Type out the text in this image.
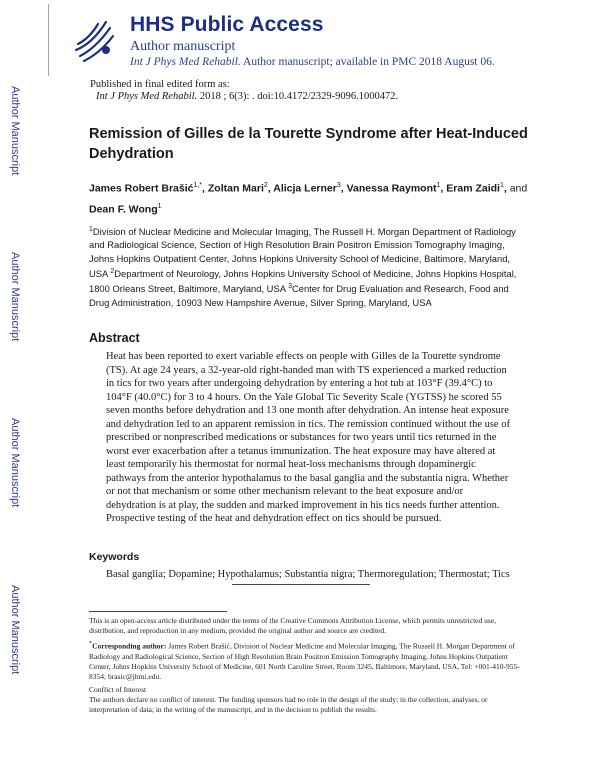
Author Manuscript
Author Manuscript
Author Manuscript
Author Manuscript
HHS Public Access
Author manuscript
Int J Phys Med Rehabil. Author manuscript; available in PMC 2018 August 06.
Published in final edited form as:
Int J Phys Med Rehabil. 2018 ; 6(3): . doi:10.4172/2329-9096.1000472.
Remission of Gilles de la Tourette Syndrome after Heat-Induced Dehydration
James Robert Brašić$^{1,*}$, Zoltan Mari$^2$, Alicja Lerner$^3$, Vanessa Raymont$^1$, Eram Zaidi$^1$, and
Dean F. Wong$^1$
$^1$Division of Nuclear Medicine and Molecular Imaging, The Russell H. Morgan Department of Radiology and Radiological Science, Section of High Resolution Brain Positron Emission Tomography Imaging, Johns Hopkins Outpatient Center, Johns Hopkins University School of Medicine, Baltimore, Maryland, USA $^2$Department of Neurology, Johns Hopkins University School of Medicine, Johns Hopkins Hospital, 1800 Orleans Street, Baltimore, Maryland, USA $^3$Center for Drug Evaluation and Research, Food and Drug Administration, 10903 New Hampshire Avenue, Silver Spring, Maryland, USA
Abstract
Heat has been reported to exert variable effects on people with Gilles de la Tourette syndrome (TS). At age 24 years, a 32-year-old right-handed man with TS experienced a marked reduction in tics for two years after undergoing dehydration by entering a hot tub at 103°F (39.4°C) to 104°F (40.0°C) for 3 to 4 hours. On the Yale Global Tic Severity Scale (YGTSS) he scored 55 seven months before dehydration and 13 one month after dehydration. An intense heat exposure and dehydration led to an apparent remission in tics. The remission continued without the use of prescribed or nonprescribed medications or substances for two years until tics returned in the worst ever exacerbation after a tetanus immunization. The heat exposure may have altered at least temporarily his thermostat for normal heat-loss mechanisms through dopaminergic pathways from the anterior hypothalamus to the basal ganglia and the substantia nigra. Whether or not that mechanism or some other mechanism relevant to the heat exposure and/or dehydration is at play, the sudden and marked improvement in his tics needs further attention. Prospective testing of the heat and dehydration effect on tics should be pursued.
Keywords
Basal ganglia; Dopamine; Hypothalamus; Substantia nigra; Thermoregulation; Thermostat; Tics

This is an open-access article distributed under the terms of the Creative Commons Attribution License, which permits unrestricted use, distribution, and reproduction in any medium, provided the original author and source are credited.

*Corresponding author: James Robert Brašić, Division of Nuclear Medicine and Molecular Imaging, The Russell H. Morgan Department of Radiology and Radiological Science, Section of High Resolution Brain Positron Emission Tomography Imaging, Johns Hopkins Outpatient Center, Johns Hopkins University School of Medicine, 601 North Caroline Street, Room 3245, Baltimore, Maryland, USA, Tel: +001-410-955-8354; brasic@jhmi.edu.

Conflict of Interest

The authors declare no conflict of interest. The funding sponsors had no role in the design of the study; in the collection, analyses, or interpretation of data; in the writing of the manuscript, and in the decision to publish the results.
